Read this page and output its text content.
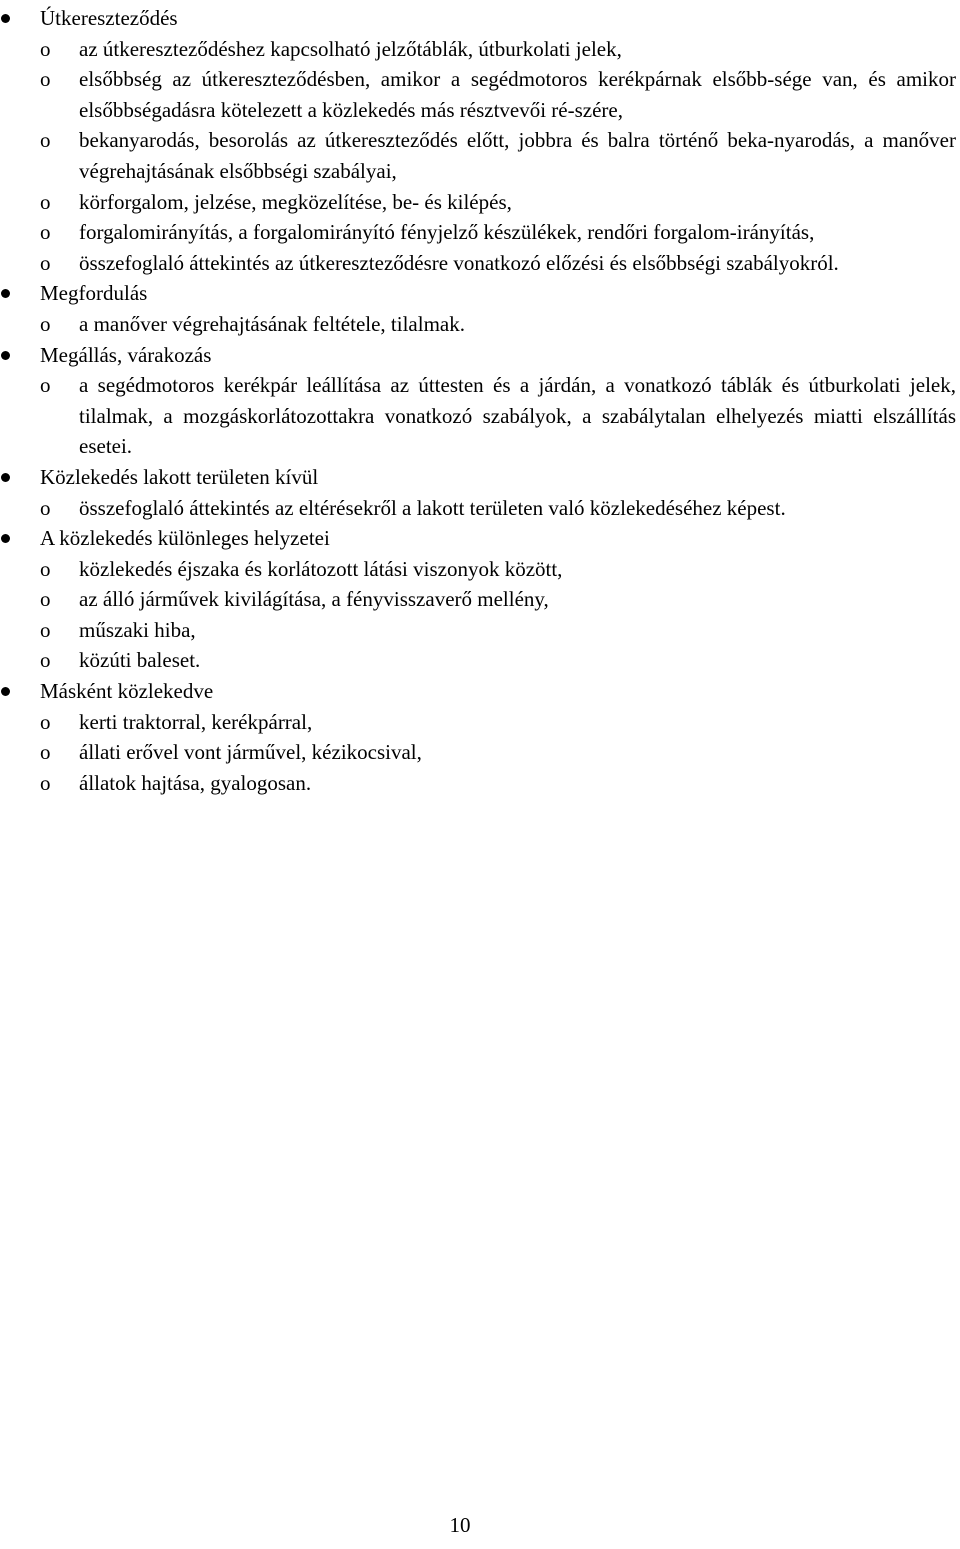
Útkereszteződés
o az útkereszteződéshez kapcsolható jelzőtáblák, útburkolati jelek,
o elsőbbség az útkereszteződésben, amikor a segédmotoros kerékpárnak elsőbb-sége van, és amikor elsőbbségadásra kötelezett a közlekedés más résztvevői ré-szére,
o bekanyarodás, besorolás az útkereszteződés előtt, jobbra és balra történő beka-nyarodás, a manőver végrehajtásának elsőbbségi szabályai,
o körforgalom, jelzése, megközelítése, be- és kilépés,
o forgalomirányítás, a forgalomirányító fényjelző készülékek, rendőri forgalom-irányítás,
o összefoglaló áttekintés az útkereszteződésre vonatkozó előzési és elsőbbségi szabályokról.
Megfordulás
o a manőver végrehajtásának feltétele, tilalmak.
Megállás, várakozás
o a segédmotoros kerékpár leállítása az úttesten és a járdán, a vonatkozó táblák és útburkolati jelek, tilalmak, a mozgáskorlátozottakra vonatkozó szabályok, a szabálytalan elhelyezés miatti elszállítás esetei.
Közlekedés lakott területen kívül
o összefoglaló áttekintés az eltérésekről a lakott területen való közlekedéséhez képest.
A közlekedés különleges helyzetei
o közlekedés éjszaka és korlátozott látási viszonyok között,
o az álló járművek kivilágítása, a fényvisszaverő mellény,
o műszaki hiba,
o közúti baleset.
Másként közlekedve
o kerti traktorral, kerékpárral,
o állati erővel vont járművel, kézikocsival,
o állatok hajtása, gyalogosan.
10
